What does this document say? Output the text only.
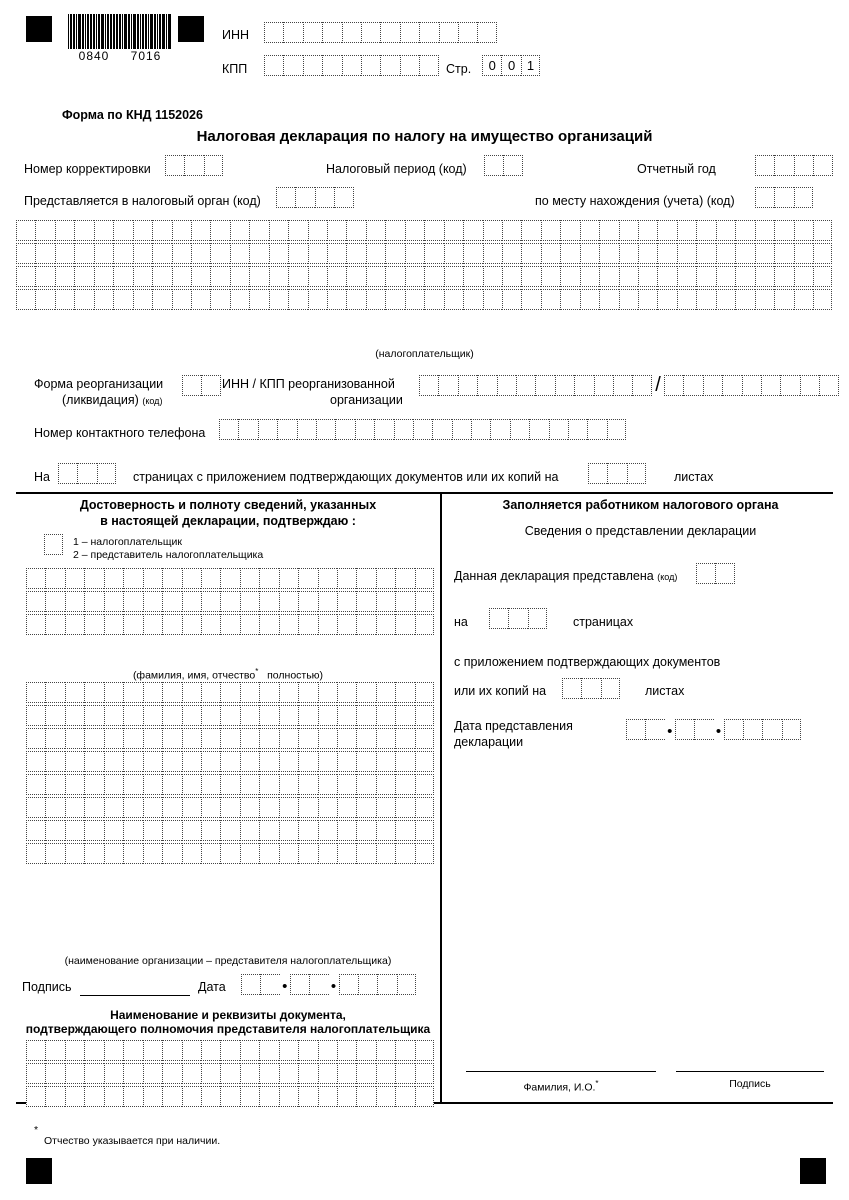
0840 7016
ИНН
КПП	Стр.	0 0 1
Форма по КНД 1152026
Налоговая декларация по налогу на имущество организаций
Номер корректировки	Налоговый период (код)	Отчетный год
Представляется в налоговый орган (код)	по месту нахождения (учета) (код)
(налогоплательщик)
Форма реорганизации
(ликвидация) (код)
ИНН / КПП реорганизованной
организации
/
Номер контактного телефона
На	страницах с приложением подтверждающих документов или их копий на	листах
Достоверность и полноту сведений, указанных
в настоящей декларации, подтверждаю :
1 – налогоплательщик
2 – представитель налогоплательщика
(фамилия, имя, отчество* полностью)
(наименование организации – представителя налогоплательщика)
Подпись	Дата	•	•
Наименование и реквизиты документа,
подтверждающего полномочия представителя налогоплательщика
Заполняется работником налогового органа
Сведения о представлении декларации
Данная декларация представлена (код)
на	страницах
с приложением подтверждающих документов
или их копий на	листах
Дата представления
декларации
•	•
Фамилия, И.О.*	Подпись
*
Отчество указывается при наличии.
